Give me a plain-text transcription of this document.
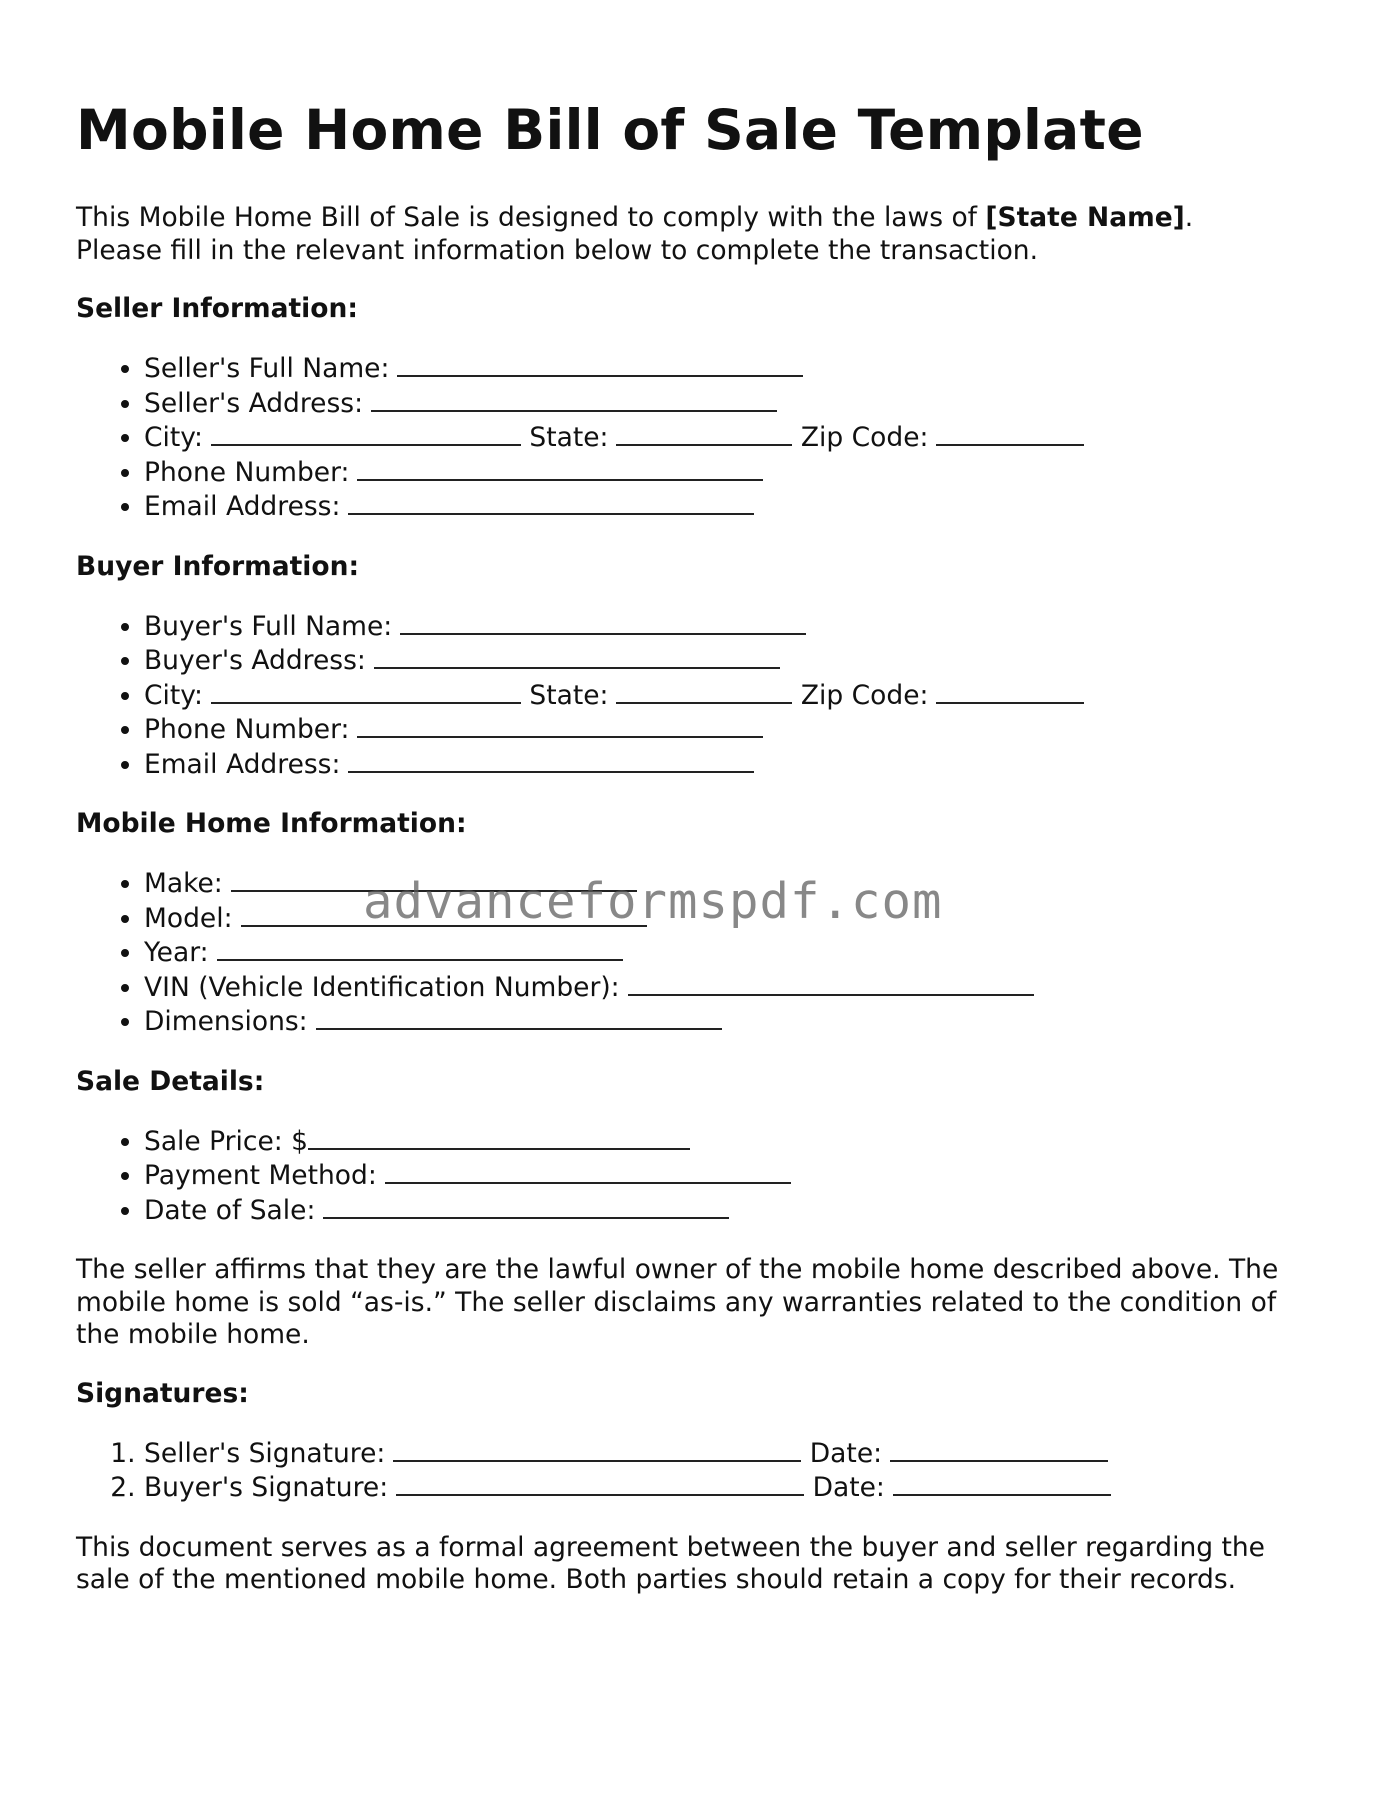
Mobile Home Bill of Sale Template

This Mobile Home Bill of Sale is designed to comply with the laws of [State Name].
Please fill in the relevant information below to complete the transaction.

Seller Information:
• Seller's Full Name:
• Seller's Address:
• City:	State:	Zip Code:
• Phone Number:
• Email Address:
Buyer Information:
• Buyer's Full Name:
• Buyer's Address:
• City:	State:	Zip Code:
• Phone Number:
• Email Address:
Mobile Home Information:
• Make:
• Model:
• Year:
• VIN (Vehicle Identification Number):
• Dimensions:
Sale Details:
• Sale Price: $
• Payment Method:
• Date of Sale:

The seller affirms that they are the lawful owner of the mobile home described above. The mobile home is sold “as-is.” The seller disclaims any warranties related to the condition of the mobile home.

Signatures:
1. Seller's Signature:	Date:
2. Buyer's Signature:	Date:

This document serves as a formal agreement between the buyer and seller regarding the sale of the mentioned mobile home. Both parties should retain a copy for their records.

advanceformspdf.com
